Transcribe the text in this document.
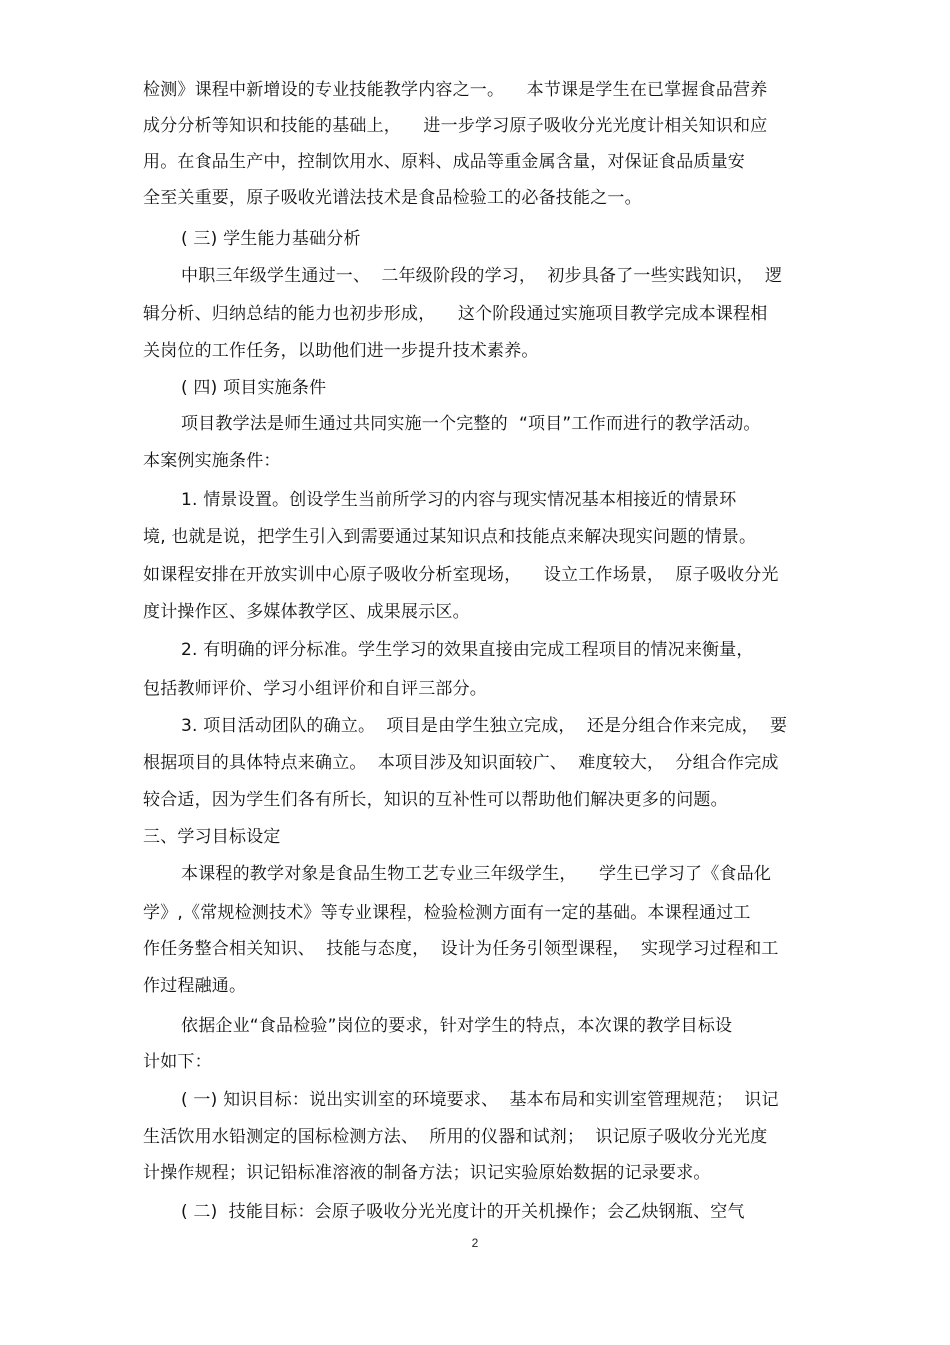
检测》课程中新增设的专业技能教学内容之一。    本节课是学生在已掌握食品营养
成分分析等知识和技能的基础上，    进一步学习原子吸收分光光度计相关知识和应
用。在食品生产中，控制饮用水、原料、成品等重金属含量，对保证食品质量安
全至关重要，原子吸收光谱法技术是食品检验工的必备技能之一。
( 三) 学生能力基础分析
中职三年级学生通过一、  二年级阶段的学习，  初步具备了一些实践知识，  逻
辑分析、归纳总结的能力也初步形成，    这个阶段通过实施项目教学完成本课程相
关岗位的工作任务，以助他们进一步提升技术素养。
( 四) 项目实施条件
项目教学法是师生通过共同实施一个完整的  “项目”工作而进行的教学活动。
本案例实施条件：
1. 情景设置。创设学生当前所学习的内容与现实情况基本相接近的情景环
境, 也就是说，把学生引入到需要通过某知识点和技能点来解决现实问题的情景。
如课程安排在开放实训中心原子吸收分析室现场，    设立工作场景，  原子吸收分光
度计操作区、多媒体教学区、成果展示区。
2. 有明确的评分标准。学生学习的效果直接由完成工程项目的情况来衡量，
包括教师评价、学习小组评价和自评三部分。
3. 项目活动团队的确立。  项目是由学生独立完成，  还是分组合作来完成，  要
根据项目的具体特点来确立。  本项目涉及知识面较广、  难度较大，  分组合作完成
较合适，因为学生们各有所长，知识的互补性可以帮助他们解决更多的问题。
三、学习目标设定
本课程的教学对象是食品生物工艺专业三年级学生，    学生已学习了《食品化
学》,《常规检测技术》等专业课程，检验检测方面有一定的基础。本课程通过工
作任务整合相关知识、  技能与态度，  设计为任务引领型课程，  实现学习过程和工
作过程融通。
依据企业“食品检验”岗位的要求，针对学生的特点，本次课的教学目标设
计如下：
( 一) 知识目标：说出实训室的环境要求、  基本布局和实训室管理规范；  识记
生活饮用水铅测定的国标检测方法、  所用的仪器和试剂；  识记原子吸收分光光度
计操作规程；识记铅标准溶液的制备方法；识记实验原始数据的记录要求。
( 二)  技能目标：会原子吸收分光光度计的开关机操作；会乙炔钢瓶、空气
2
